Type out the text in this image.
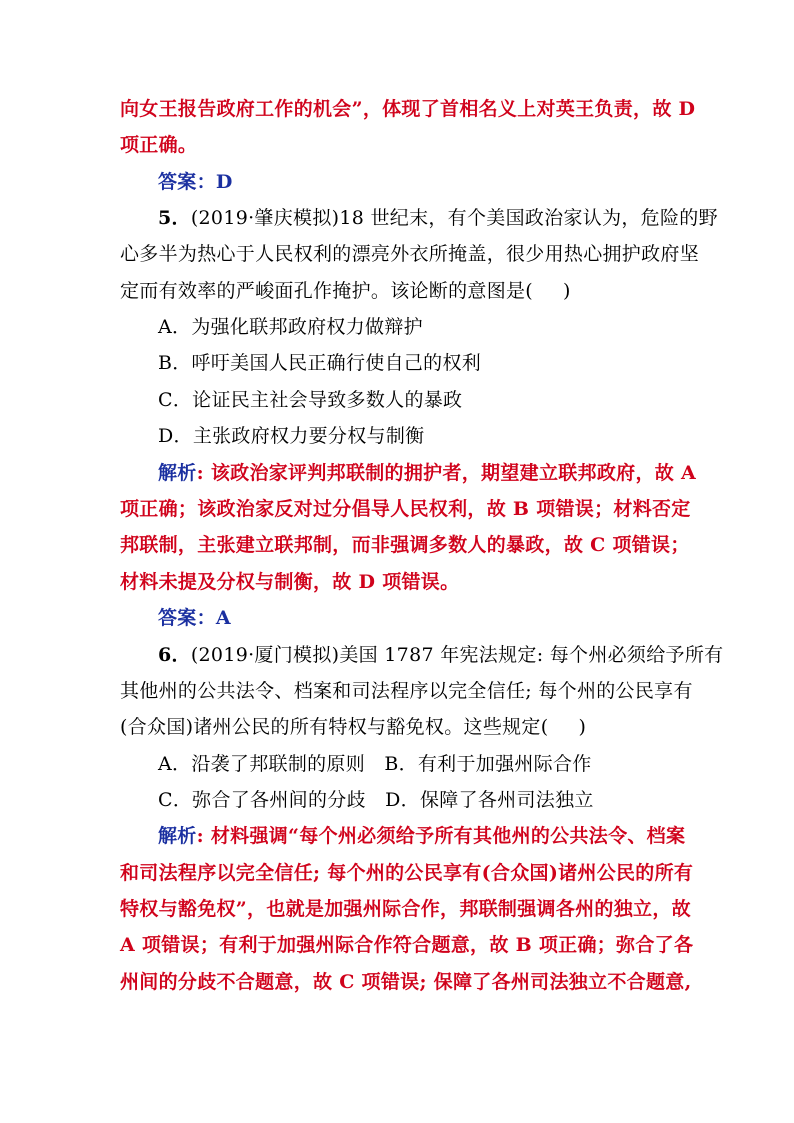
向女王报告政府工作的机会”，体现了首相名义上对英王负责，故 D
项正确。
答案：D
5．(2019·肇庆模拟)18 世纪末，有个美国政治家认为，危险的野
心多半为热心于人民权利的漂亮外衣所掩盖，很少用热心拥护政府坚
定而有效率的严峻面孔作掩护。该论断的意图是( )
A．为强化联邦政府权力做辩护
B．呼吁美国人民正确行使自己的权利
C．论证民主社会导致多数人的暴政
D．主张政府权力要分权与制衡
解析: 该政治家评判邦联制的拥护者，期望建立联邦政府，故 A
项正确；该政治家反对过分倡导人民权利，故 B 项错误；材料否定
邦联制，主张建立联邦制，而非强调多数人的暴政，故 C 项错误；
材料未提及分权与制衡，故 D 项错误。
答案：A
6．(2019·厦门模拟)美国 1787 年宪法规定: 每个州必须给予所有
其他州的公共法令、档案和司法程序以完全信任; 每个州的公民享有
(合众国)诸州公民的所有特权与豁免权。这些规定( )
A．沿袭了邦联制的原则　B．有利于加强州际合作
C．弥合了各州间的分歧　D．保障了各州司法独立
解析: 材料强调“每个州必须给予所有其他州的公共法令、档案
和司法程序以完全信任; 每个州的公民享有(合众国)诸州公民的所有
特权与豁免权”，也就是加强州际合作，邦联制强调各州的独立，故
A 项错误；有利于加强州际合作符合题意，故 B 项正确；弥合了各
州间的分歧不合题意，故 C 项错误; 保障了各州司法独立不合题意,
